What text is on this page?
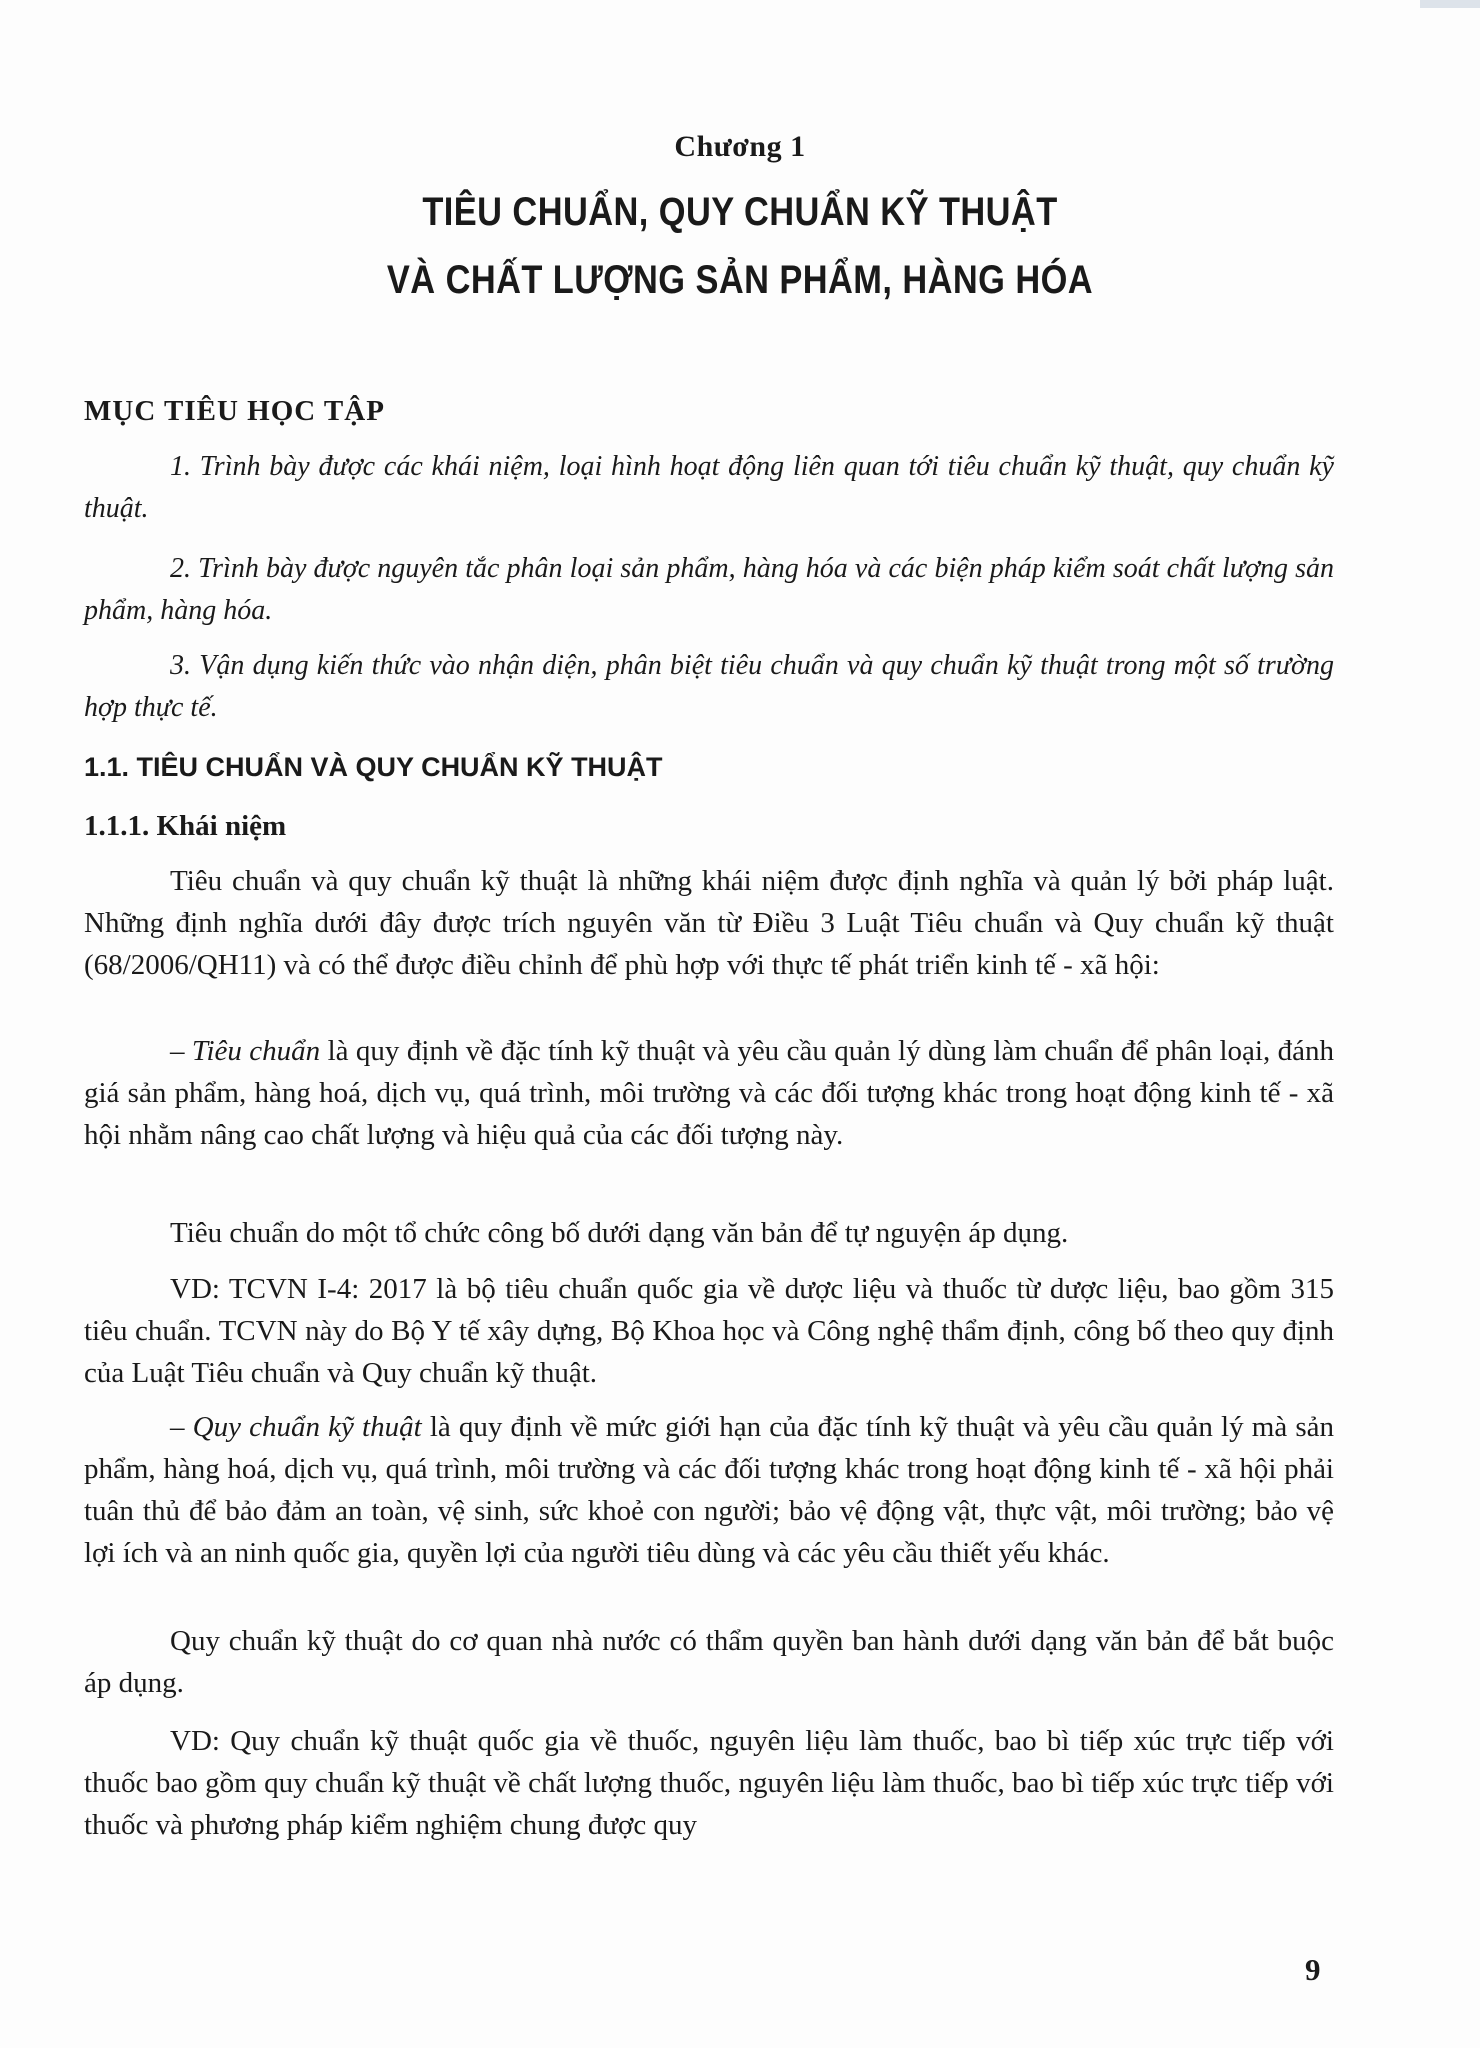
Chương 1
TIÊU CHUẨN, QUY CHUẨN KỸ THUẬT
VÀ CHẤT LƯỢNG SẢN PHẨM, HÀNG HÓA
MỤC TIÊU HỌC TẬP

1. Trình bày được các khái niệm, loại hình hoạt động liên quan tới tiêu chuẩn kỹ thuật, quy chuẩn kỹ thuật.

2. Trình bày được nguyên tắc phân loại sản phẩm, hàng hóa và các biện pháp kiểm soát chất lượng sản phẩm, hàng hóa.

3. Vận dụng kiến thức vào nhận diện, phân biệt tiêu chuẩn và quy chuẩn kỹ thuật trong một số trường hợp thực tế.

1.1. TIÊU CHUẨN VÀ QUY CHUẨN KỸ THUẬT
1.1.1. Khái niệm

Tiêu chuẩn và quy chuẩn kỹ thuật là những khái niệm được định nghĩa và quản lý bởi pháp luật. Những định nghĩa dưới đây được trích nguyên văn từ Điều 3 Luật Tiêu chuẩn và Quy chuẩn kỹ thuật (68/2006/QH11) và có thể được điều chỉnh để phù hợp với thực tế phát triển kinh tế - xã hội:

– Tiêu chuẩn là quy định về đặc tính kỹ thuật và yêu cầu quản lý dùng làm chuẩn để phân loại, đánh giá sản phẩm, hàng hoá, dịch vụ, quá trình, môi trường và các đối tượng khác trong hoạt động kinh tế - xã hội nhằm nâng cao chất lượng và hiệu quả của các đối tượng này.

Tiêu chuẩn do một tổ chức công bố dưới dạng văn bản để tự nguyện áp dụng.

VD: TCVN I-4: 2017 là bộ tiêu chuẩn quốc gia về dược liệu và thuốc từ dược liệu, bao gồm 315 tiêu chuẩn. TCVN này do Bộ Y tế xây dựng, Bộ Khoa học và Công nghệ thẩm định, công bố theo quy định của Luật Tiêu chuẩn và Quy chuẩn kỹ thuật.

– Quy chuẩn kỹ thuật là quy định về mức giới hạn của đặc tính kỹ thuật và yêu cầu quản lý mà sản phẩm, hàng hoá, dịch vụ, quá trình, môi trường và các đối tượng khác trong hoạt động kinh tế - xã hội phải tuân thủ để bảo đảm an toàn, vệ sinh, sức khoẻ con người; bảo vệ động vật, thực vật, môi trường; bảo vệ lợi ích và an ninh quốc gia, quyền lợi của người tiêu dùng và các yêu cầu thiết yếu khác.

Quy chuẩn kỹ thuật do cơ quan nhà nước có thẩm quyền ban hành dưới dạng văn bản để bắt buộc áp dụng.

VD: Quy chuẩn kỹ thuật quốc gia về thuốc, nguyên liệu làm thuốc, bao bì tiếp xúc trực tiếp với thuốc bao gồm quy chuẩn kỹ thuật về chất lượng thuốc, nguyên liệu làm thuốc, bao bì tiếp xúc trực tiếp với thuốc và phương pháp kiểm nghiệm chung được quy

9
